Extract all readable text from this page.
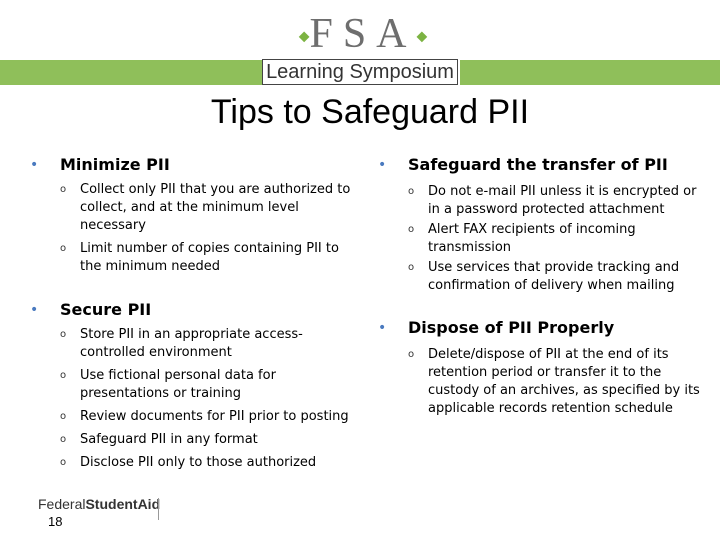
◆FSA◆
Learning Symposium
Tips to Safeguard PII
• Minimize PII
o Collect only PII that you are authorized to collect, and at the minimum level necessary
o Limit number of copies containing PII to the minimum needed
• Secure PII
o Store PII in an appropriate access-controlled environment
o Use fictional personal data for presentations or training
o Review documents for PII prior to posting
o Safeguard PII in any format
o Disclose PII only to those authorized
• Safeguard the transfer of PII
o Do not e-mail PII unless it is encrypted or in a password protected attachment
o Alert FAX recipients of incoming transmission
o Use services that provide tracking and confirmation of delivery when mailing
• Dispose of PII Properly
o Delete/dispose of PII at the end of its retention period or transfer it to the custody of an archives, as specified by its applicable records retention schedule
FederalStudentAid
18
